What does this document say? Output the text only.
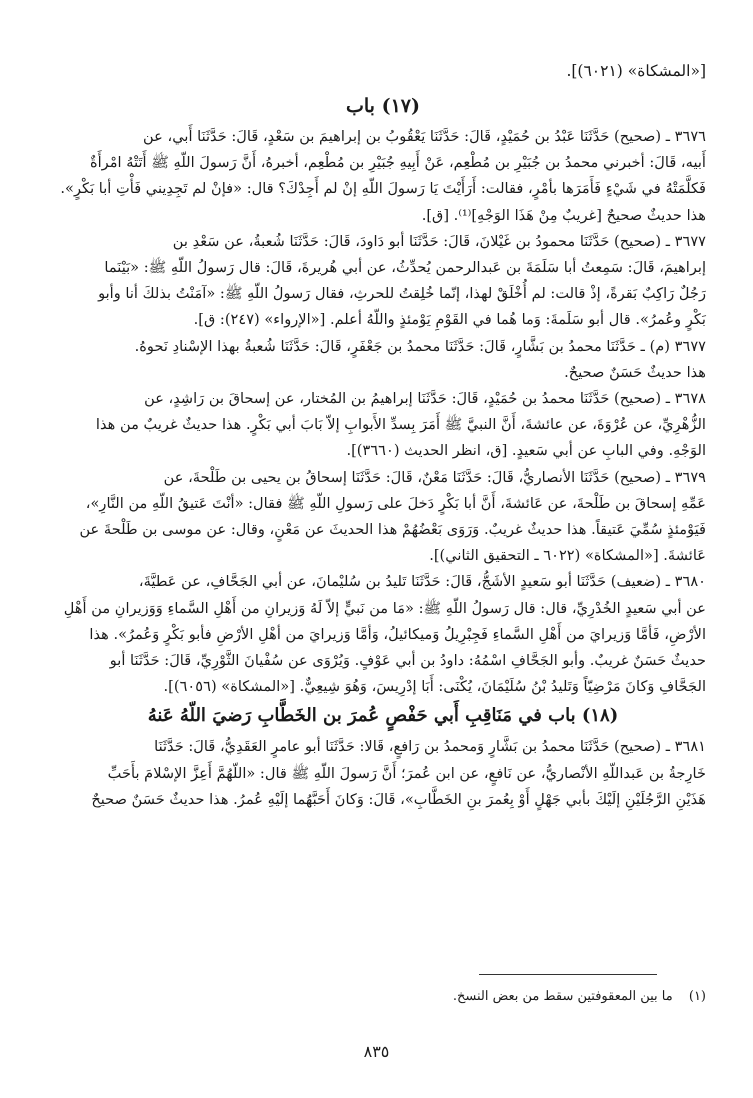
[«المشكاة» (٦٠٢١)].
(١٧) باب

٣٦٧٦ ـ (صحيح) حَدَّثَنَا عَبْدُ بن حُمَيْدٍ، قَالَ: حَدَّثَنَا يَعْقُوبُ بن إبراهيمَ بن سَعْدٍ، قَالَ: حَدَّثَنَا أَبي، عن

أَبيه، قَالَ: أخبرني محمدُ بن جُبَيْرِ بن مُطْعِم، عَنْ أَبِيهِ جُبَيْرِ بن مُطْعِم، أخبرهُ، أَنَّ رَسولَ اللّهِ ﷺ أَتَتْهُ امْرأَةٌ

فَكلَّمَتْهُ في شَيْءٍ فَأَمَرَها بأمْرٍ، فقالت: أَرَأَيْتَ يَا رَسولَ اللّهِ إنْ لم أَجِدْكَ؟ قال: «فإنْ لم تَجِدِيني فَأْتِ أبا بَكْرٍ».

هذا حديثٌ صحيحٌ [غريبٌ مِنْ هَذَا الوَجْهِ]⁽¹⁾. [ق].

٣٦٧٧ ـ (صحيح) حَدَّثَنَا محمودُ بن غَيْلانَ، قَالَ: حَدَّثَنَا أبو دَاودَ، قَالَ: حَدَّثَنَا شُعبةُ، عن سَعْدِ بن

إبراهيمَ، قَالَ: سَمِعتُ أبا سَلَمَةَ بن عَبدالرحمن يُحدِّثُ، عن أبي هُريرةَ، قَالَ: قال رَسولُ اللّهِ ﷺ: «بَيْنَما

رَجُلٌ رَاكِبٌ بَقرةً، إذْ قالت: لم أُخْلَقْ لهذا، إنّما خُلِقتُ للحرثِ، فقال رَسولُ اللّهِ ﷺ: «آمَنْتُ بذلكَ أنا وأبو

بَكْرٍ وعُمرُ». قال أبو سَلَمةَ: وَما هُما في القَوْمِ يَوْمئذٍ واللّهُ أعلم. [«الإرواء» (٢٤٧): ق].

٣٦٧٧ (م) ـ حَدَّثَنَا محمدُ بن بَشَّارٍ، قَالَ: حَدَّثَنَا محمدُ بن جَعْفَرٍ، قَالَ: حَدَّثَنَا شُعبةُ بهذا الإسْنادِ نَحوهُ.

هذا حديثٌ حَسَنٌ صحيحٌ.

٣٦٧٨ ـ (صحيح) حَدَّثَنَا محمدُ بن حُمَيْدٍ، قَالَ: حَدَّثَنَا إبراهيمُ بن المُختار، عن إسحاقَ بن رَاشِدٍ، عن

الزُّهْرِيِّ، عن عُرْوَةَ، عن عائشةَ، أَنَّ النبيَّ ﷺ أَمَرَ بِسدِّ الأَبوابِ إلاّ بَابَ أبي بَكْرٍ. هذا حديثٌ غريبٌ من هذا

الوَجْهِ. وفي البابِ عن أبي سَعيدٍ. [ق، انظر الحديث (٣٦٦٠)].

٣٦٧٩ ـ (صحيح) حَدَّثَنَا الأنصاريُّ، قَالَ: حَدَّثَنَا مَعْنٌ، قَالَ: حَدَّثَنَا إسحاقُ بن يحيى بن طَلْحةَ، عن

عَمِّهِ إسحاقَ بن طَلْحةَ، عن عَائشةَ، أَنَّ أبا بَكْرٍ دَخلَ على رَسولِ اللّهِ ﷺ فقال: «أنْتَ عَتيقُ اللّهِ من النَّارِ»،

فَيَوْمئذٍ سُمِّيَ عَتيقاً. هذا حديثٌ غريبٌ. وَرَوَى بَعْضُهُمْ هذا الحديثَ عن مَعْنٍ، وقال: عن موسى بن طَلْحةَ عن

عَائشةَ. [«المشكاة» (٦٠٢٢ ـ التحقيق الثاني)].

٣٦٨٠ ـ (ضعيف) حَدَّثَنَا أبو سَعيدٍ الأشَجُّ، قَالَ: حَدَّثَنَا تَليدُ بن سُليْمانَ، عن أبي الجَحَّافِ، عن عَطيَّةَ،

عن أبي سَعيدٍ الخُدْرِيِّ، قال: قال رَسولُ اللّهِ ﷺ: «مَا من نَبيٍّ إلاّ لَهُ وَزيرانِ من أَهْلِ السَّماءِ وَوَزيرانِ من أَهْلِ

الأرْضِ، فَأمَّا وَزيرايَ من أَهْلِ السَّماءِ فَجِبْرِيلُ وَميكائيلُ، وَأمَّا وَزيرايَ من أهْلِ الأرْضِ فأبو بَكْرٍ وَعُمرُ». هذا

حديثٌ حَسَنٌ غريبٌ. وأبو الجَحَّافِ اسْمُهُ: داودُ بن أبي عَوْفٍ. وَيُرْوَى عن سُفْيانَ الثَّوْرِيِّ، قَالَ: حَدَّثَنَا أبو

الجَحَّافِ وَكانَ مَرْضِيّاً وَتَليدُ بْنُ سُلَيْمَانَ، يُكْنَى: أَبَا إدْرِيسَ، وَهُوَ شِيعِيٌّ. [«المشكاة» (٦٠٥٦)].

(١٨) باب في مَنَاقِبِ أَبي حَفْصٍ عُمرَ بن الخَطَّابِ رَضيَ اللّهُ عَنهُ

٣٦٨١ ـ (صحيح) حَدَّثَنَا محمدُ بن بَشَّارٍ وَمحمدُ بن رَافعٍ، قَالا: حَدَّثَنَا أبو عامرٍ العَقَدِيُّ، قَالَ: حَدَّثَنَا

خَارِجةُ بن عَبداللّهِ الأنْصاريُّ، عن نَافعٍ، عن ابن عُمرَ؛ أَنَّ رَسولَ اللّهِ ﷺ قال: «اللّهُمَّ أَعِزَّ الإسْلامَ بأَحَبِّ

هَذَيْنِ الرَّجُلَيْنِ إلَيْكَ بأبي جَهْلٍ أَوْ بِعُمرَ بنِ الخَطَّابِ»، قَالَ: وَكانَ أَحَبَّهُما إلَيْهِ عُمرُ. هذا حديثٌ حَسَنٌ صحيحٌ

(١) ما بين المعقوفتين سقط من بعض النسخ.
٨٣٥
